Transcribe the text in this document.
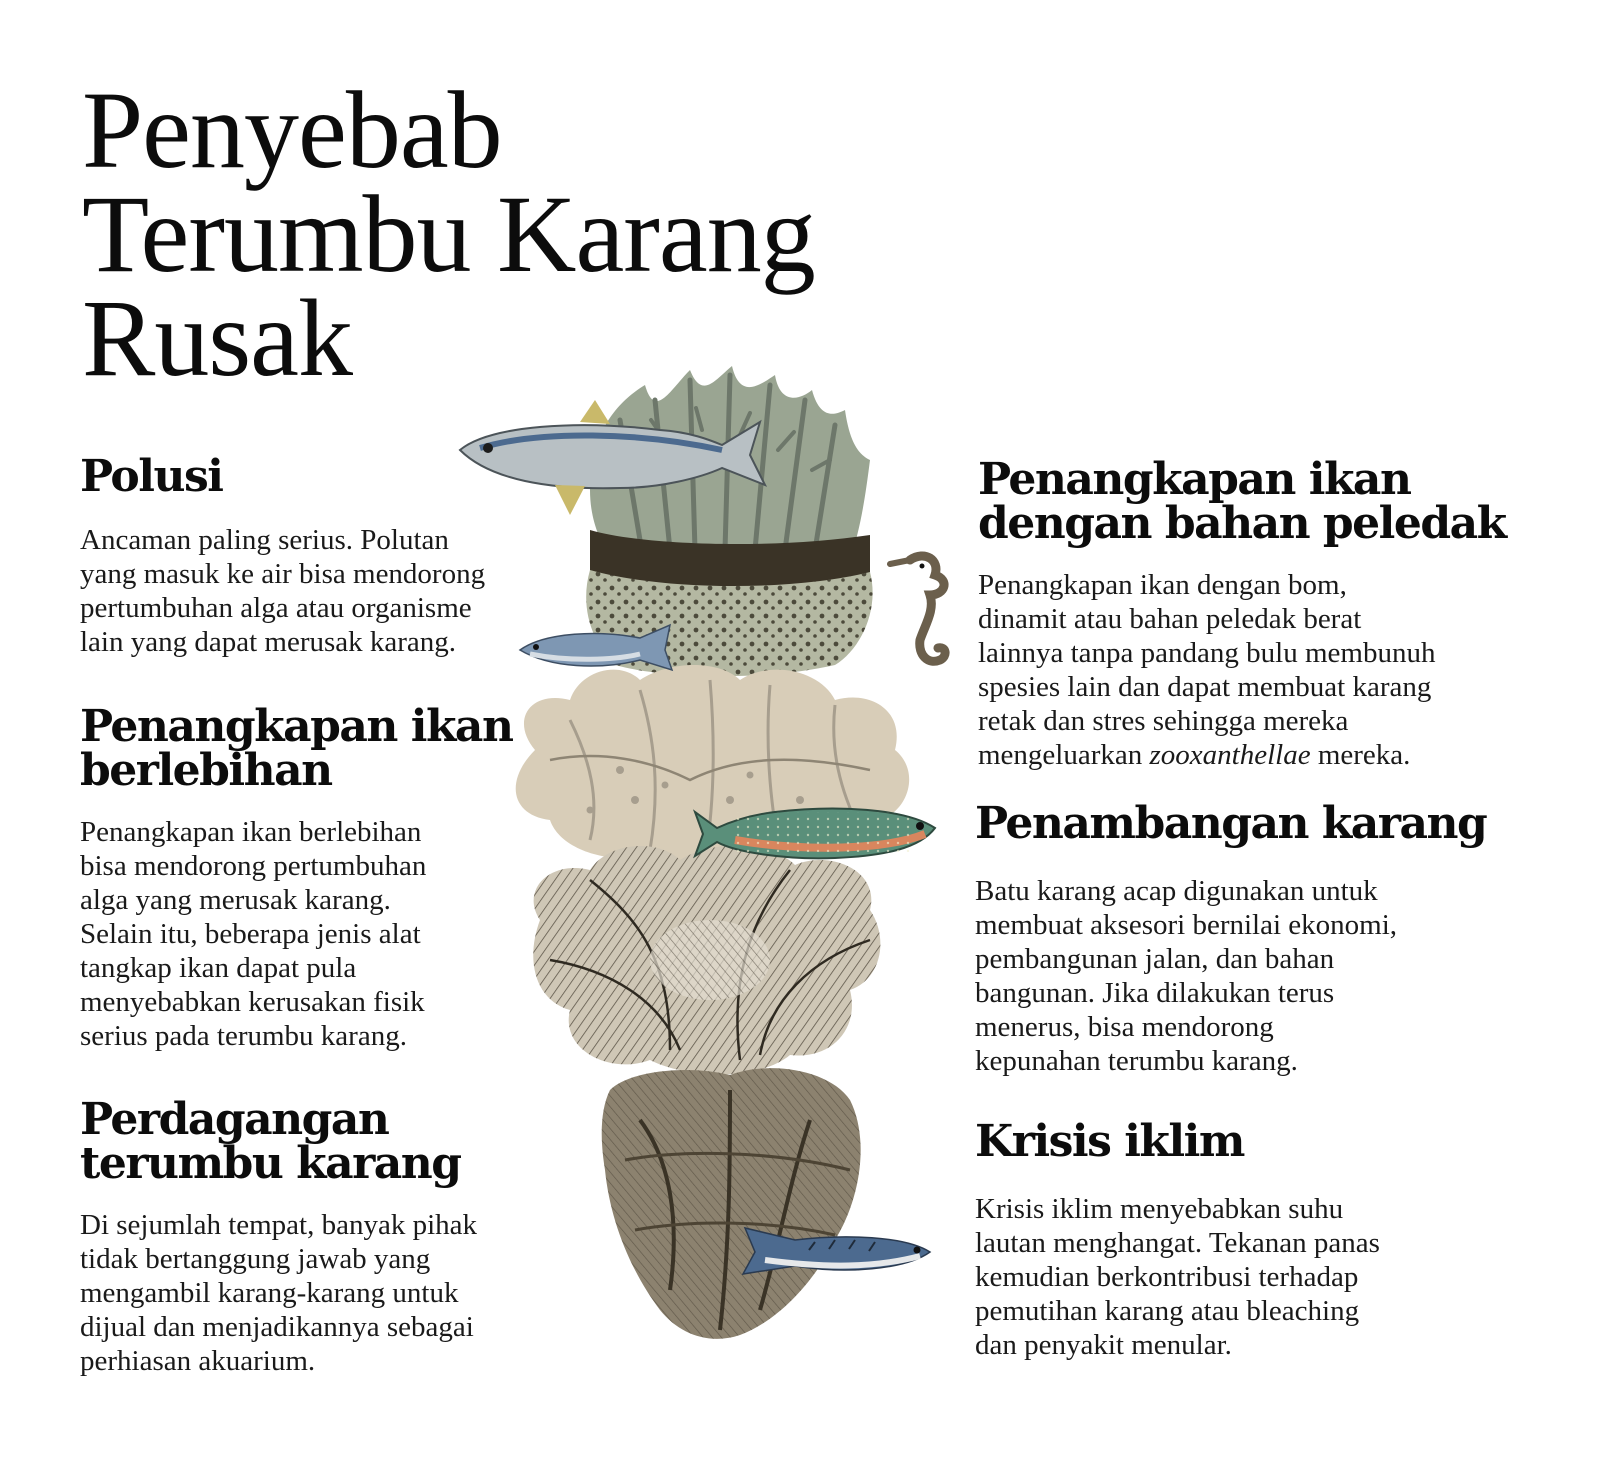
Penyebab
Terumbu Karang
Rusak
Polusi

Ancaman paling serius. Polutan
yang masuk ke air bisa mendorong
pertumbuhan alga atau organisme
lain yang dapat merusak karang.

Penangkapan ikan
berlebihan

Penangkapan ikan berlebihan
bisa mendorong pertumbuhan
alga yang merusak karang.
Selain itu, beberapa jenis alat
tangkap ikan dapat pula
menyebabkan kerusakan fisik
serius pada terumbu karang.

Perdagangan
terumbu karang

Di sejumlah tempat, banyak pihak
tidak bertanggung jawab yang
mengambil karang-karang untuk
dijual dan menjadikannya sebagai
perhiasan akuarium.

Penangkapan ikan
dengan bahan peledak

Penangkapan ikan dengan bom,
dinamit atau bahan peledak berat
lainnya tanpa pandang bulu membunuh
spesies lain dan dapat membuat karang
retak dan stres sehingga mereka
mengeluarkan zooxanthellae mereka.

Penambangan karang

Batu karang acap digunakan untuk
membuat aksesori bernilai ekonomi,
pembangunan jalan, dan bahan
bangunan. Jika dilakukan terus
menerus, bisa mendorong
kepunahan terumbu karang.

Krisis iklim

Krisis iklim menyebabkan suhu
lautan menghangat. Tekanan panas
kemudian berkontribusi terhadap
pemutihan karang atau bleaching
dan penyakit menular.
